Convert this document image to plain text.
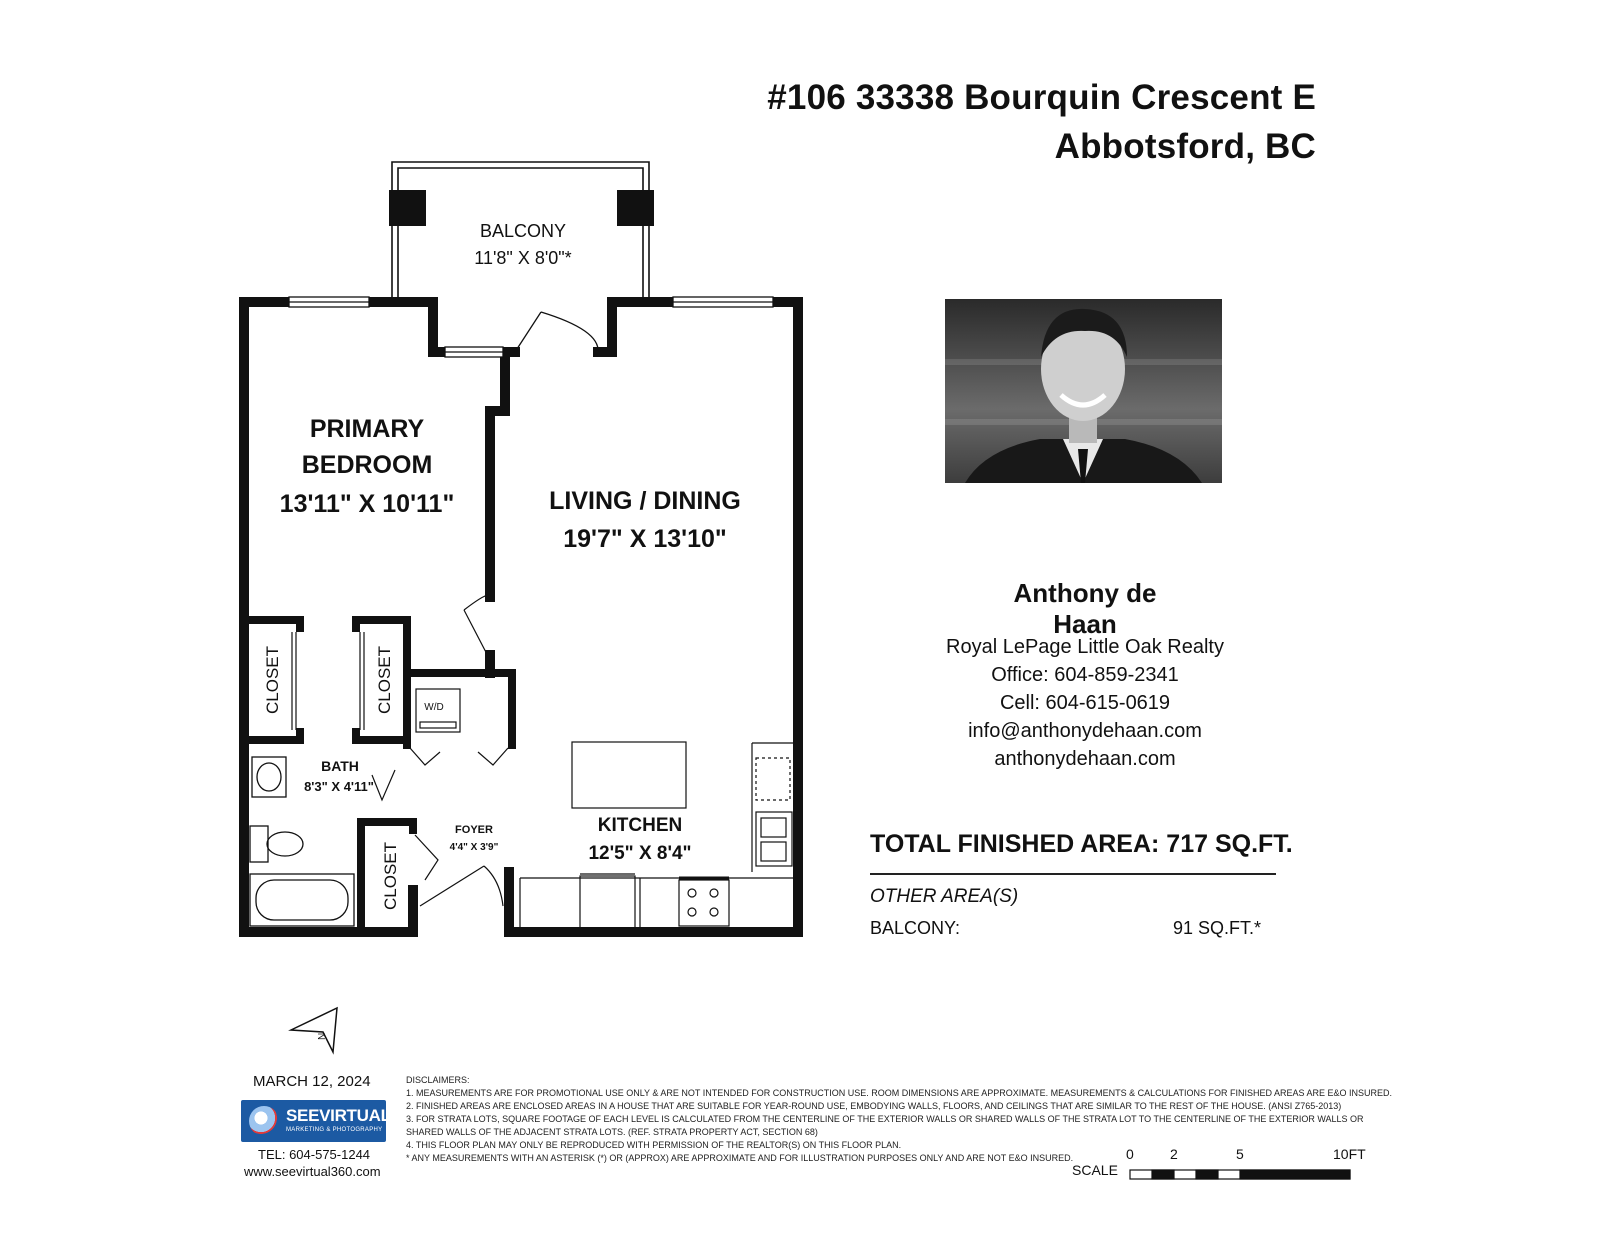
#106 33338 Bourquin Crescent E
Abbotsford, BC
N
BALCONY
11'8" X 8'0"*
PRIMARY
BEDROOM
13'11" X 10'11"	LIVING / DINING
19'7" X 13'10"
BATH
8'3" X 4'11"
FOYER
4'4" X 3'9"
KITCHEN
12'5" X 8'4"
W/D
CLOSET	CLOSET
CLOSET
Anthony de Haan
Royal LePage Little Oak Realty
Office: 604-859-2341
Cell: 604-615-0619
info@anthonydehaan.com
anthonydehaan.com
TOTAL FINISHED AREA: 717 SQ.FT.
OTHER AREA(S)
BALCONY:	91 SQ.FT.*
MARCH 12, 2024
SEEVIRTUAL
MARKETING & PHOTOGRAPHY
TEL: 604-575-1244
www.seevirtual360.com
DISCLAIMERS:
1. MEASUREMENTS ARE FOR PROMOTIONAL USE ONLY & ARE NOT INTENDED FOR CONSTRUCTION USE. ROOM DIMENSIONS ARE APPROXIMATE. MEASUREMENTS & CALCULATIONS FOR FINISHED AREAS ARE E&O INSURED.
2. FINISHED AREAS ARE ENCLOSED AREAS IN A HOUSE THAT ARE SUITABLE FOR YEAR-ROUND USE, EMBODYING WALLS, FLOORS, AND CEILINGS THAT ARE SIMILAR TO THE REST OF THE HOUSE. (ANSI Z765-2013)
3. FOR STRATA LOTS, SQUARE FOOTAGE OF EACH LEVEL IS CALCULATED FROM THE CENTERLINE OF THE EXTERIOR WALLS OR SHARED WALLS OF THE STRATA LOT TO THE CENTERLINE OF THE EXTERIOR WALLS OR
SHARED WALLS OF THE ADJACENT STRATA LOTS. (REF. STRATA PROPERTY ACT, SECTION 68)
4. THIS FLOOR PLAN MAY ONLY BE REPRODUCED WITH PERMISSION OF THE REALTOR(S) ON THIS FLOOR PLAN.
* ANY MEASUREMENTS WITH AN ASTERISK (*) OR (APPROX) ARE APPROXIMATE AND FOR ILLUSTRATION PURPOSES ONLY AND ARE NOT E&O INSURED.
SCALE
0	2	5	10FT
